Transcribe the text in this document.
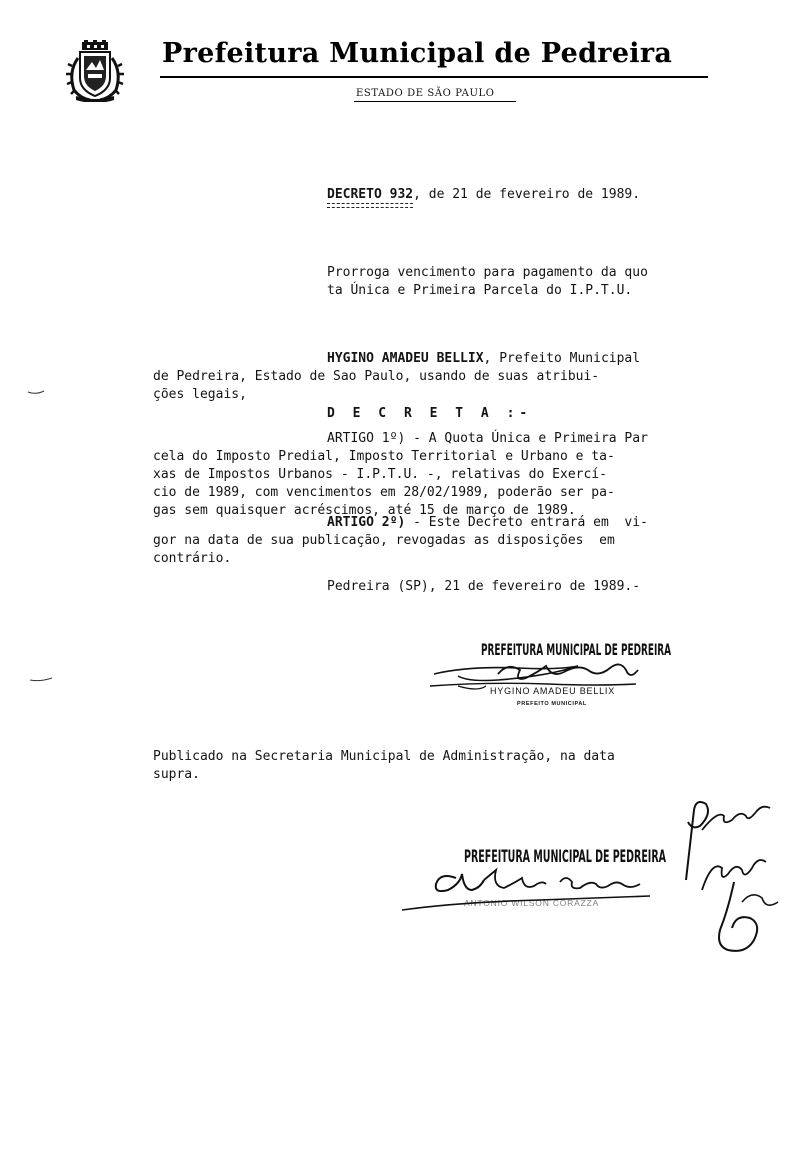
Prefeitura Municipal de Pedreira
ESTADO DE SÃO PAULO
DECRETO 932
, de 21 de fevereiro de 1989.
Prorroga vencimento para pagamento da quo
ta Única e Primeira Parcela do I.P.T.U.
HYGINO AMADEU BELLIX, Prefeito Municipal
de Pedreira, Estado de Sao Paulo, usando de suas atribui-
ções legais,
D E C R E T A :-
ARTIGO 1º) - A Quota Única e Primeira Par
cela do Imposto Predial, Imposto Territorial e Urbano e ta-
xas de Impostos Urbanos - I.P.T.U. -, relativas do Exercí-
cio de 1989, com vencimentos em 28/02/1989, poderão ser pa-
gas sem quaisquer acréscimos, até 15 de março de 1989.
ARTIGO 2º) - Este Decreto entrará em  vi-
gor na data de sua publicação, revogadas as disposições  em
contrário.
Pedreira (SP), 21 de fevereiro de 1989.-
PREFEITURA MUNICIPAL DE PEDREIRA
HYGINO AMADEU BELLIX
PREFEITO MUNICIPAL
Publicado na Secretaria Municipal de Administração, na data
supra.
PREFEITURA MUNICIPAL DE PEDREIRA
ANTONIO WILSON CORAZZA
